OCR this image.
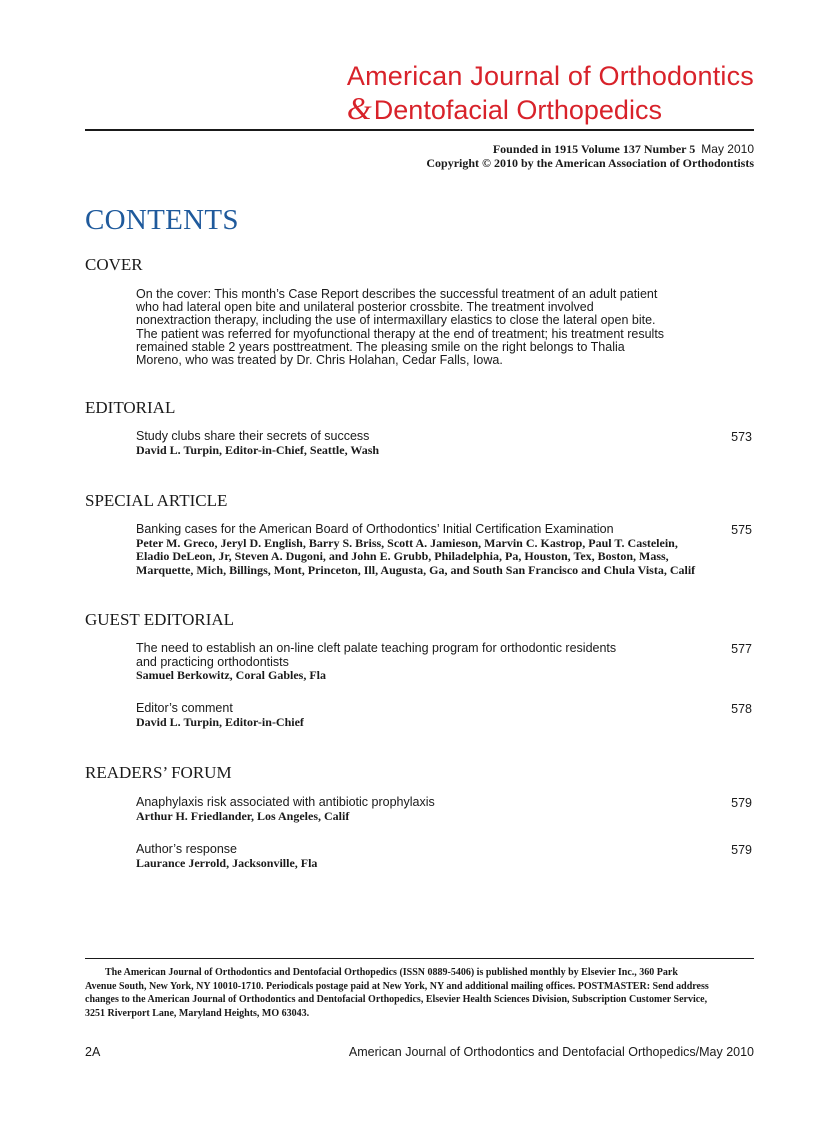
American Journal of Orthodontics
&Dentofacial Orthopedics
Founded in 1915 Volume 137 Number 5 May 2010
Copyright © 2010 by the American Association of Orthodontists
CONTENTS
COVER
On the cover: This month’s Case Report describes the successful treatment of an adult patient
who had lateral open bite and unilateral posterior crossbite. The treatment involved
nonextraction therapy, including the use of intermaxillary elastics to close the lateral open bite.
The patient was referred for myofunctional therapy at the end of treatment; his treatment results
remained stable 2 years posttreatment. The pleasing smile on the right belongs to Thalia
Moreno, who was treated by Dr. Chris Holahan, Cedar Falls, Iowa.
EDITORIAL
Study clubs share their secrets of success
David L. Turpin, Editor-in-Chief, Seattle, Wash
573
SPECIAL ARTICLE
Banking cases for the American Board of Orthodontics’ Initial Certification Examination
Peter M. Greco, Jeryl D. English, Barry S. Briss, Scott A. Jamieson, Marvin C. Kastrop, Paul T. Castelein,
Eladio DeLeon, Jr, Steven A. Dugoni, and John E. Grubb, Philadelphia, Pa, Houston, Tex, Boston, Mass,
Marquette, Mich, Billings, Mont, Princeton, Ill, Augusta, Ga, and South San Francisco and Chula Vista, Calif
575
GUEST EDITORIAL
The need to establish an on-line cleft palate teaching program for orthodontic residents
and practicing orthodontists
Samuel Berkowitz, Coral Gables, Fla
577
Editor’s comment
David L. Turpin, Editor-in-Chief
578
READERS’ FORUM
Anaphylaxis risk associated with antibiotic prophylaxis
Arthur H. Friedlander, Los Angeles, Calif
579
Author’s response
Laurance Jerrold, Jacksonville, Fla
579
The American Journal of Orthodontics and Dentofacial Orthopedics (ISSN 0889-5406) is published monthly by Elsevier Inc., 360 Park
Avenue South, New York, NY 10010-1710. Periodicals postage paid at New York, NY and additional mailing offices. POSTMASTER: Send address
changes to the American Journal of Orthodontics and Dentofacial Orthopedics, Elsevier Health Sciences Division, Subscription Customer Service,
3251 Riverport Lane, Maryland Heights, MO 63043.
2A	American Journal of Orthodontics and Dentofacial Orthopedics/May 2010
